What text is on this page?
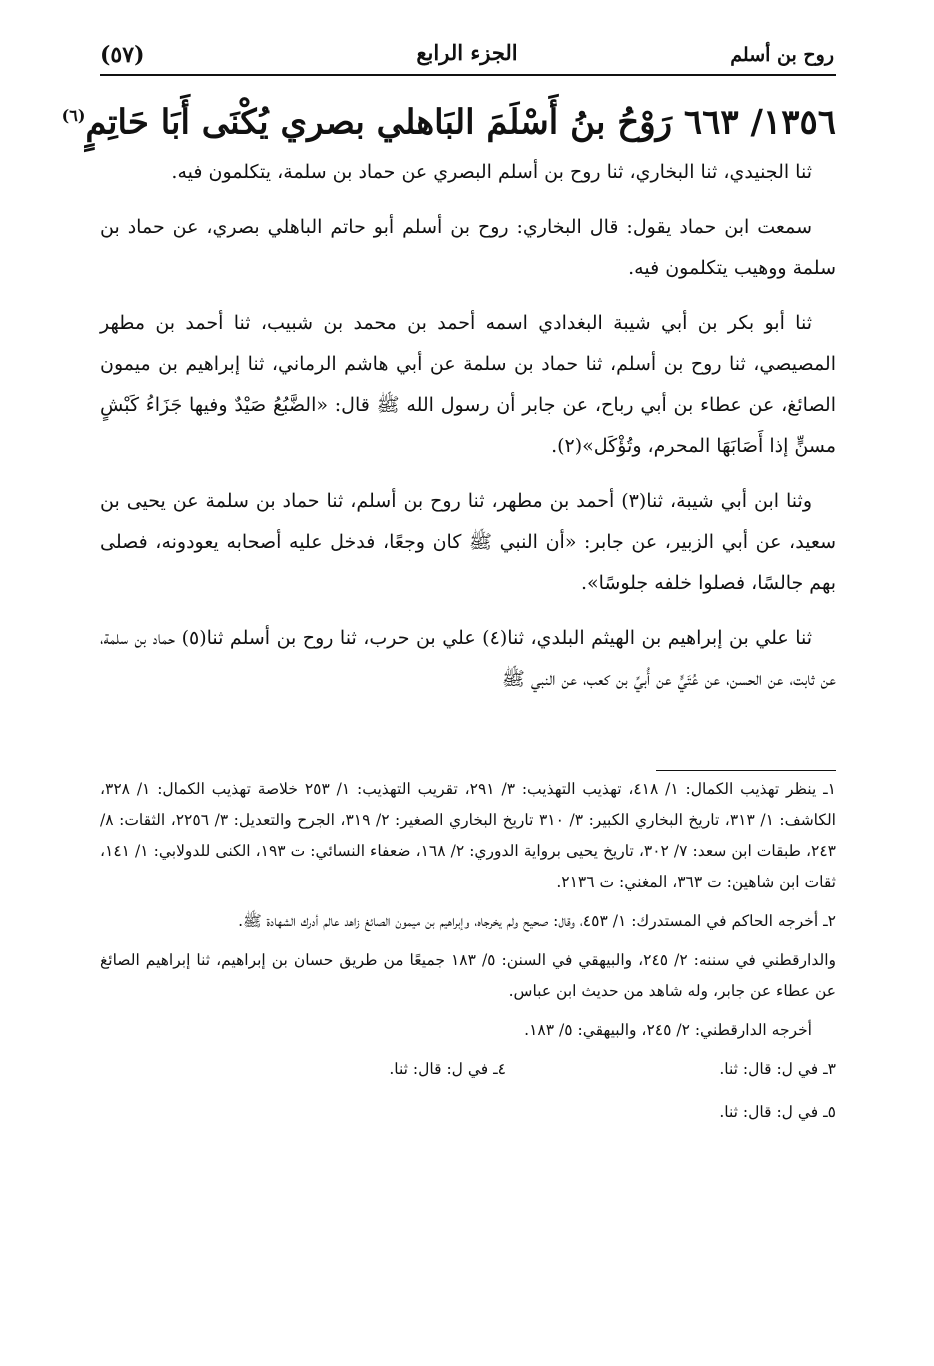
روح بن أسلم
الجزء الرابع
(٥٧)
١٣٥٦/ ٦٦٣ رَوْحُ بنُ أَسْلَمَ البَاهلي بصري يُكْنَى أَبَا حَاتِمٍ$^{(٦)}$

ثنا الجنيدي، ثنا البخاري، ثنا روح بن أسلم البصري عن حماد بن سلمة، يتكلمون فيه.

سمعت ابن حماد يقول: قال البخاري: روح بن أسلم أبو حاتم الباهلي بصري، عن حماد بن سلمة ووهيب يتكلمون فيه.

ثنا أبو بكر بن أبي شيبة البغدادي اسمه أحمد بن محمد بن شبيب، ثنا أحمد بن مطهر المصيصي، ثنا روح بن أسلم، ثنا حماد بن سلمة عن أبي هاشم الرماني، ثنا إبراهيم بن ميمون الصائغ، عن عطاء بن أبي رباح، عن جابر أن رسول الله ﷺ قال: «الضَّبُعُ صَيْدٌ وفيها جَزَاءُ كَبْشٍ مسنٍّ إذا أَصَابَهَا المحرم، وتُؤْكَل»(٢).

وثنا ابن أبي شيبة، ثنا(٣) أحمد بن مطهر، ثنا روح بن أسلم، ثنا حماد بن سلمة عن يحيى بن سعيد، عن أبي الزبير، عن جابر: «أن النبي ﷺ كان وجعًا، فدخل عليه أصحابه يعودونه، فصلى بهم جالسًا، فصلوا خلفه جلوسًا».

ثنا علي بن إبراهيم بن الهيثم البلدي، ثنا(٤) علي بن حرب، ثنا روح بن أسلم ثنا(٥) حماد بن سلمة، عن ثابت، عن الحسن، عن عُتَيٍّ عن أُبيِّ بن كعب، عن النبي ﷺ

١ـ ينظر تهذيب الكمال: ١/ ٤١٨، تهذيب التهذيب: ٣/ ٢٩١، تقريب التهذيب: ١/ ٢٥٣ خلاصة تهذيب الكمال: ١/ ٣٢٨، الكاشف: ١/ ٣١٣، تاريخ البخاري الكبير: ٣/ ٣١٠ تاريخ البخاري الصغير: ٢/ ٣١٩، الجرح والتعديل: ٣/ ٢٢٥٦، الثقات: ٨/ ٢٤٣، طبقات ابن سعد: ٧/ ٣٠٢، تاريخ يحيى برواية الدوري: ٢/ ١٦٨، ضعفاء النسائي: ت ١٩٣، الكنى للدولابي: ١/ ١٤١، ثقات ابن شاهين: ت ٣٦٣، المغني: ت ٢١٣٦.

٢ـ أخرجه الحاكم في المستدرك: ١/ ٤٥٣، وقال: صحيح ولم يخرجاه، وإبراهيم بن ميمون الصائغ زاهد عالم أدرك الشهادة ﷺ.

والدارقطني في سننه: ٢/ ٢٤٥، والبيهقي في السنن: ٥/ ١٨٣ جميعًا من طريق حسان بن إبراهيم، ثنا إبراهيم الصائغ عن عطاء عن جابر، وله شاهد من حديث ابن عباس.

أخرجه الدارقطني: ٢/ ٢٤٥، والبيهقي: ٥/ ١٨٣.

٣ـ في ل: قال: ثنا.
٤ـ في ل: قال: ثنا.
٥ـ في ل: قال: ثنا.
